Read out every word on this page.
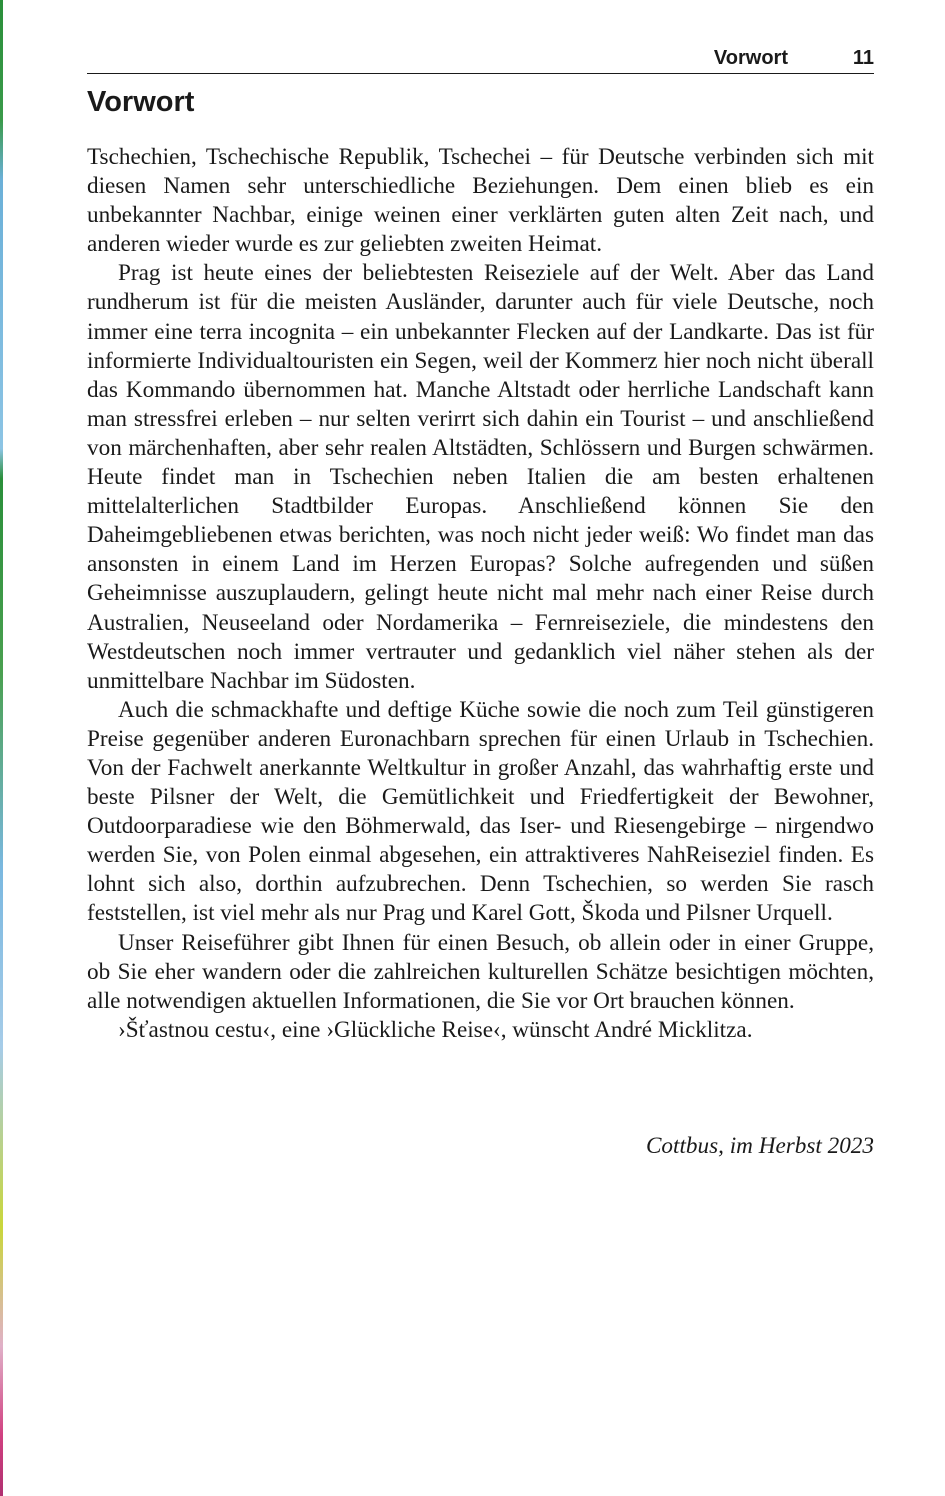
Vorwort	11
Vorwort

Tschechien, Tschechische Republik, Tschechei – für Deutsche verbinden sich mit diesen Namen sehr unterschiedliche Beziehungen. Dem einen blieb es ein unbekannter Nachbar, einige weinen einer verklärten guten alten Zeit nach, und anderen wieder wurde es zur geliebten zweiten Heimat.

Prag ist heute eines der beliebtesten Reiseziele auf der Welt. Aber das Land rundherum ist für die meisten Ausländer, darunter auch für viele Deutsche, noch immer eine terra incognita – ein unbekannter Flecken auf der Landkarte. Das ist für informierte Individualtouristen ein Segen, weil der Kommerz hier noch nicht überall das Kommando übernommen hat. Manche Altstadt oder herrliche Landschaft kann man stressfrei erleben – nur selten verirrt sich dahin ein Tourist – und anschließend von märchenhaften, aber sehr realen Altstädten, Schlössern und Burgen schwärmen. Heute findet man in Tschechien neben Italien die am besten erhaltenen mittelalterlichen Stadtbilder Europas. Anschließend können Sie den Daheimgebliebenen etwas berichten, was noch nicht jeder weiß: Wo findet man das ansonsten in einem Land im Herzen Europas? Solche aufregenden und süßen Geheimnisse auszuplaudern, gelingt heute nicht mal mehr nach einer Reise durch Australien, Neuseeland oder Nordamerika – Fernreiseziele, die mindestens den Westdeutschen noch immer vertrauter und gedanklich viel näher stehen als der unmittelbare Nachbar im Südosten.

Auch die schmackhafte und deftige Küche sowie die noch zum Teil günstigeren Preise gegenüber anderen Euronachbarn sprechen für einen Urlaub in Tschechien. Von der Fachwelt anerkannte Weltkultur in großer Anzahl, das wahrhaftig erste und beste Pilsner der Welt, die Gemütlichkeit und Friedfertigkeit der Bewohner, Outdoorparadiese wie den Böhmerwald, das Iser- und Riesengebirge – nirgendwo werden Sie, von Polen einmal abgesehen, ein attraktiveres NahReiseziel finden. Es lohnt sich also, dorthin aufzubrechen. Denn Tschechien, so werden Sie rasch feststellen, ist viel mehr als nur Prag und Karel Gott, Škoda und Pilsner Urquell.

Unser Reiseführer gibt Ihnen für einen Besuch, ob allein oder in einer Gruppe, ob Sie eher wandern oder die zahlreichen kulturellen Schätze besichtigen möchten, alle notwendigen aktuellen Informationen, die Sie vor Ort brauchen können.

›Šťastnou cestu‹, eine ›Glückliche Reise‹, wünscht André Micklitza.

Cottbus, im Herbst 2023
